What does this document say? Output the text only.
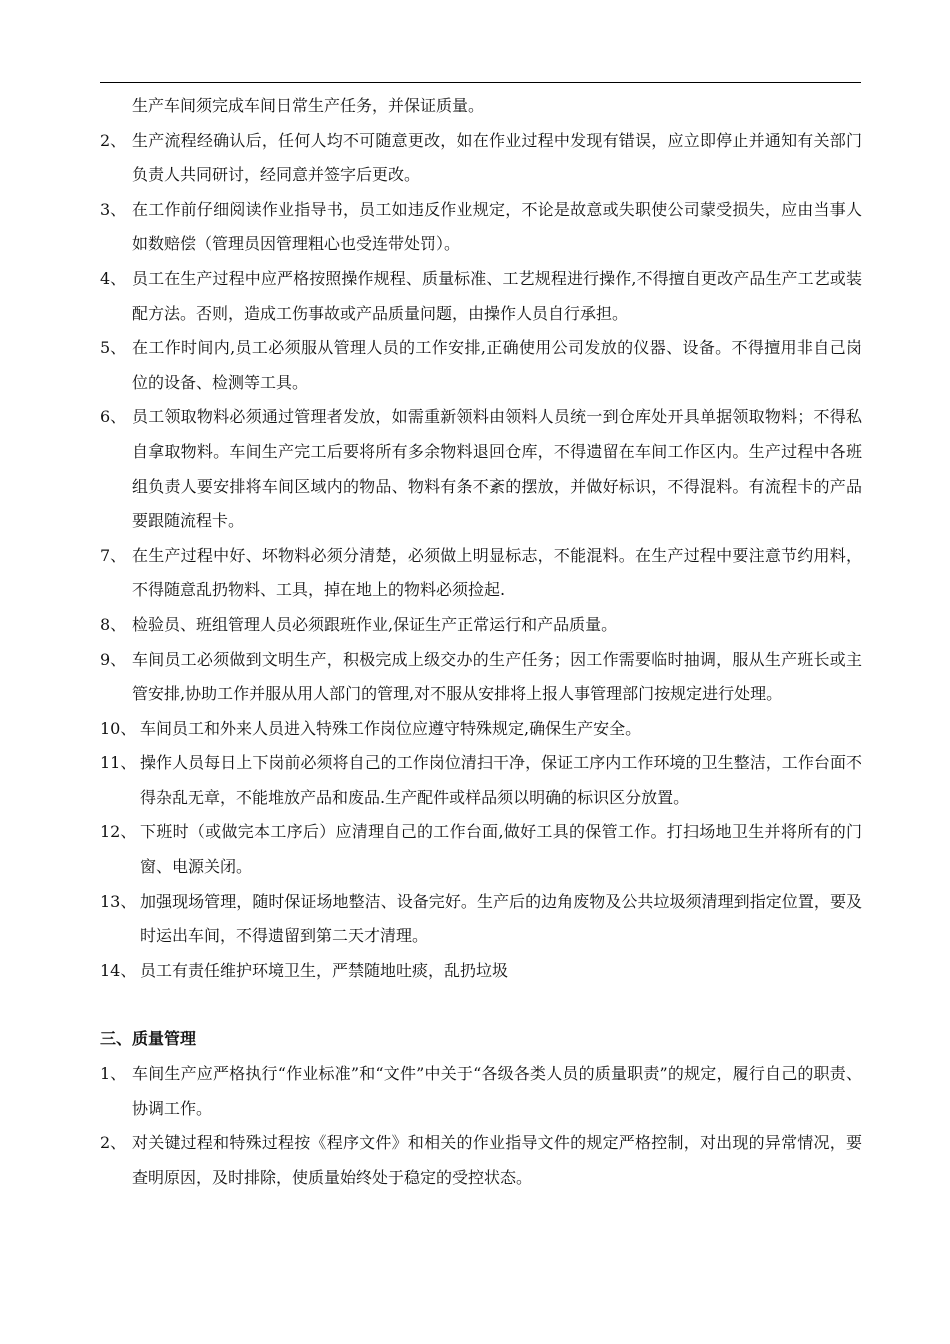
生产车间须完成车间日常生产任务，并保证质量。

2、 生产流程经确认后，任何人均不可随意更改，如在作业过程中发现有错误，应立即停止并通知有关部门负责人共同研讨，经同意并签字后更改。

3、 在工作前仔细阅读作业指导书，员工如违反作业规定，不论是故意或失职使公司蒙受损失，应由当事人如数赔偿（管理员因管理粗心也受连带处罚）。

4、 员工在生产过程中应严格按照操作规程、质量标准、工艺规程进行操作,不得擅自更改产品生产工艺或装配方法。否则，造成工伤事故或产品质量问题，由操作人员自行承担。

5、 在工作时间内,员工必须服从管理人员的工作安排,正确使用公司发放的仪器、设备。不得擅用非自己岗位的设备、检测等工具。

6、 员工领取物料必须通过管理者发放，如需重新领料由领料人员统一到仓库处开具单据领取物料；不得私自拿取物料。车间生产完工后要将所有多余物料退回仓库，不得遗留在车间工作区内。生产过程中各班组负责人要安排将车间区域内的物品、物料有条不紊的摆放，并做好标识，不得混料。有流程卡的产品要跟随流程卡。

7、 在生产过程中好、坏物料必须分清楚，必须做上明显标志，不能混料。在生产过程中要注意节约用料，不得随意乱扔物料、工具，掉在地上的物料必须捡起.

8、 检验员、班组管理人员必须跟班作业,保证生产正常运行和产品质量。

9、 车间员工必须做到文明生产，积极完成上级交办的生产任务；因工作需要临时抽调，服从生产班长或主管安排,协助工作并服从用人部门的管理,对不服从安排将上报人事管理部门按规定进行处理。

10、 车间员工和外来人员进入特殊工作岗位应遵守特殊规定,确保生产安全。

11、 操作人员每日上下岗前必须将自己的工作岗位清扫干净，保证工序内工作环境的卫生整洁，工作台面不得杂乱无章，不能堆放产品和废品.生产配件或样品须以明确的标识区分放置。

12、 下班时（或做完本工序后）应清理自己的工作台面,做好工具的保管工作。打扫场地卫生并将所有的门窗、电源关闭。

13、 加强现场管理，随时保证场地整洁、设备完好。生产后的边角废物及公共垃圾须清理到指定位置，要及时运出车间，不得遗留到第二天才清理。

14、 员工有责任维护环境卫生，严禁随地吐痰，乱扔垃圾

三、质量管理

1、 车间生产应严格执行“作业标准”和“文件”中关于“各级各类人员的质量职责”的规定，履行自己的职责、协调工作。

2、 对关键过程和特殊过程按《程序文件》和相关的作业指导文件的规定严格控制，对出现的异常情况，要查明原因，及时排除，使质量始终处于稳定的受控状态。
